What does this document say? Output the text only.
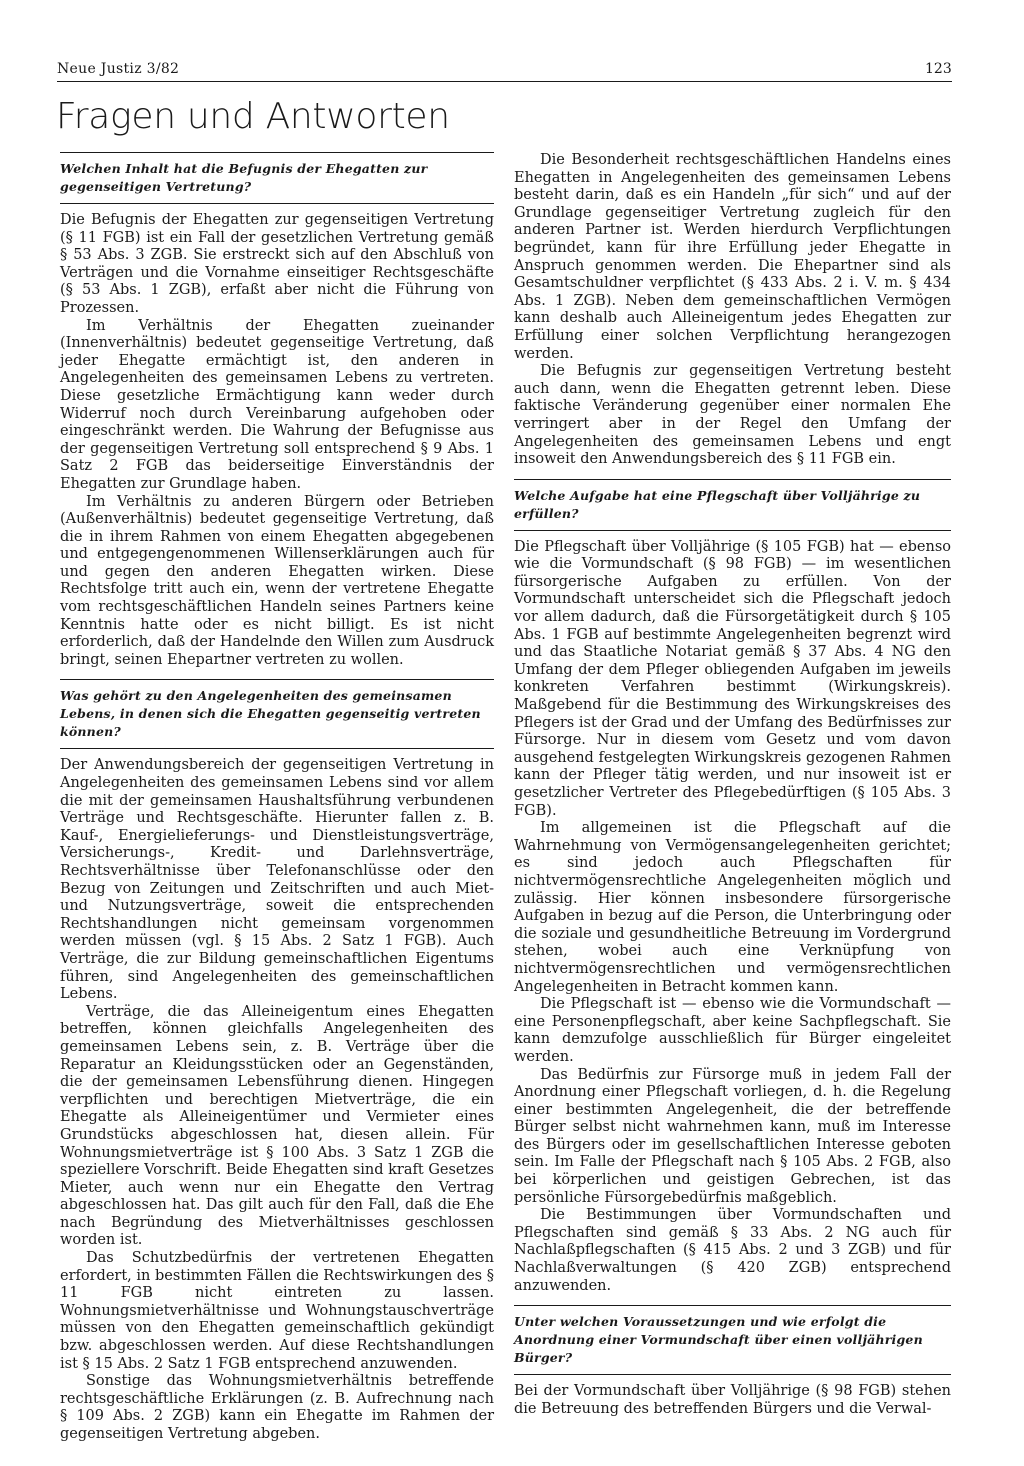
Neue Justiz 3/82	123
Fragen und Antworten

Welchen Inhalt hat die Befugnis der Ehegatten zur gegenseitigen Vertretung?

Die Befugnis der Ehegatten zur gegenseitigen Vertretung (§ 11 FGB) ist ein Fall der gesetzlichen Vertretung gemäß § 53 Abs. 3 ZGB. Sie erstreckt sich auf den Abschluß von Verträgen und die Vornahme einseitiger Rechtsgeschäfte (§ 53 Abs. 1 ZGB), erfaßt aber nicht die Führung von Prozessen.

Im Verhältnis der Ehegatten zueinander (Innenverhältnis) bedeutet gegenseitige Vertretung, daß jeder Ehegatte ermächtigt ist, den anderen in Angelegenheiten des gemeinsamen Lebens zu vertreten. Diese gesetzliche Ermächtigung kann weder durch Widerruf noch durch Vereinbarung aufgehoben oder eingeschränkt werden. Die Wahrung der Befugnisse aus der gegenseitigen Vertretung soll entsprechend § 9 Abs. 1 Satz 2 FGB das beiderseitige Einverständnis der Ehegatten zur Grundlage haben.

Im Verhältnis zu anderen Bürgern oder Betrieben (Außenverhältnis) bedeutet gegenseitige Vertretung, daß die in ihrem Rahmen von einem Ehegatten abgegebenen und entgegengenommenen Willenserklärungen auch für und gegen den anderen Ehegatten wirken. Diese Rechtsfolge tritt auch ein, wenn der vertretene Ehegatte vom rechtsgeschäftlichen Handeln seines Partners keine Kenntnis hatte oder es nicht billigt. Es ist nicht erforderlich, daß der Handelnde den Willen zum Ausdruck bringt, seinen Ehepartner vertreten zu wollen.

Was gehört zu den Angelegenheiten des gemeinsamen Lebens, in denen sich die Ehegatten gegenseitig vertreten können?

Der Anwendungsbereich der gegenseitigen Vertretung in Angelegenheiten des gemeinsamen Lebens sind vor allem die mit der gemeinsamen Haushaltsführung verbundenen Verträge und Rechtsgeschäfte. Hierunter fallen z. B. Kauf-, Energielieferungs- und Dienstleistungsverträge, Versicherungs-, Kredit- und Darlehnsverträge, Rechtsverhältnisse über Telefonanschlüsse oder den Bezug von Zeitungen und Zeitschriften und auch Miet- und Nutzungsverträge, soweit die entsprechenden Rechtshandlungen nicht gemeinsam vorgenommen werden müssen (vgl. § 15 Abs. 2 Satz 1 FGB). Auch Verträge, die zur Bildung gemeinschaftlichen Eigentums führen, sind Angelegenheiten des gemeinschaftlichen Lebens.

Verträge, die das Alleineigentum eines Ehegatten betreffen, können gleichfalls Angelegenheiten des gemeinsamen Lebens sein, z. B. Verträge über die Reparatur an Kleidungsstücken oder an Gegenständen, die der gemeinsamen Lebensführung dienen. Hingegen verpflichten und berechtigen Mietverträge, die ein Ehegatte als Alleineigentümer und Vermieter eines Grundstücks abgeschlossen hat, diesen allein. Für Wohnungsmietverträge ist § 100 Abs. 3 Satz 1 ZGB die speziellere Vorschrift. Beide Ehegatten sind kraft Gesetzes Mieter, auch wenn nur ein Ehegatte den Vertrag abgeschlossen hat. Das gilt auch für den Fall, daß die Ehe nach Begründung des Mietverhältnisses geschlossen worden ist.

Das Schutzbedürfnis der vertretenen Ehegatten erfordert, in bestimmten Fällen die Rechtswirkungen des § 11 FGB nicht eintreten zu lassen. Wohnungsmietverhältnisse und Wohnungstauschverträge müssen von den Ehegatten gemeinschaftlich gekündigt bzw. abgeschlossen werden. Auf diese Rechtshandlungen ist § 15 Abs. 2 Satz 1 FGB entsprechend anzuwenden.

Sonstige das Wohnungsmietverhältnis betreffende rechtsgeschäftliche Erklärungen (z. B. Aufrechnung nach § 109 Abs. 2 ZGB) kann ein Ehegatte im Rahmen der gegenseitigen Vertretung abgeben.

Die Besonderheit rechtsgeschäftlichen Handelns eines Ehegatten in Angelegenheiten des gemeinsamen Lebens besteht darin, daß es ein Handeln „für sich“ und auf der Grundlage gegenseitiger Vertretung zugleich für den anderen Partner ist. Werden hierdurch Verpflichtungen begründet, kann für ihre Erfüllung jeder Ehegatte in Anspruch genommen werden. Die Ehepartner sind als Gesamtschuldner verpflichtet (§ 433 Abs. 2 i. V. m. § 434 Abs. 1 ZGB). Neben dem gemeinschaftlichen Vermögen kann deshalb auch Alleineigentum jedes Ehegatten zur Erfüllung einer solchen Verpflichtung herangezogen werden.

Die Befugnis zur gegenseitigen Vertretung besteht auch dann, wenn die Ehegatten getrennt leben. Diese faktische Veränderung gegenüber einer normalen Ehe verringert aber in der Regel den Umfang der Angelegenheiten des gemeinsamen Lebens und engt insoweit den Anwendungsbereich des § 11 FGB ein.

Welche Aufgabe hat eine Pflegschaft über Volljährige zu erfüllen?

Die Pflegschaft über Volljährige (§ 105 FGB) hat — ebenso wie die Vormundschaft (§ 98 FGB) — im wesentlichen fürsorgerische Aufgaben zu erfüllen. Von der Vormundschaft unterscheidet sich die Pflegschaft jedoch vor allem dadurch, daß die Fürsorgetätigkeit durch § 105 Abs. 1 FGB auf bestimmte Angelegenheiten begrenzt wird und das Staatliche Notariat gemäß § 37 Abs. 4 NG den Umfang der dem Pfleger obliegenden Aufgaben im jeweils konkreten Verfahren bestimmt (Wirkungskreis). Maßgebend für die Bestimmung des Wirkungskreises des Pflegers ist der Grad und der Umfang des Bedürfnisses zur Fürsorge. Nur in diesem vom Gesetz und vom davon ausgehend festgelegten Wirkungskreis gezogenen Rahmen kann der Pfleger tätig werden, und nur insoweit ist er gesetzlicher Vertreter des Pflegebedürftigen (§ 105 Abs. 3 FGB).

Im allgemeinen ist die Pflegschaft auf die Wahrnehmung von Vermögensangelegenheiten gerichtet; es sind jedoch auch Pflegschaften für nichtvermögensrechtliche Angelegenheiten möglich und zulässig. Hier können insbesondere fürsorgerische Aufgaben in bezug auf die Person, die Unterbringung oder die soziale und gesundheitliche Betreuung im Vordergrund stehen, wobei auch eine Verknüpfung von nichtvermögensrechtlichen und vermögensrechtlichen Angelegenheiten in Betracht kommen kann.

Die Pflegschaft ist — ebenso wie die Vormundschaft — eine Personenpflegschaft, aber keine Sachpflegschaft. Sie kann demzufolge ausschließlich für Bürger eingeleitet werden.

Das Bedürfnis zur Fürsorge muß in jedem Fall der Anordnung einer Pflegschaft vorliegen, d. h. die Regelung einer bestimmten Angelegenheit, die der betreffende Bürger selbst nicht wahrnehmen kann, muß im Interesse des Bürgers oder im gesellschaftlichen Interesse geboten sein. Im Falle der Pflegschaft nach § 105 Abs. 2 FGB, also bei körperlichen und geistigen Gebrechen, ist das persönliche Fürsorgebedürfnis maßgeblich.

Die Bestimmungen über Vormundschaften und Pflegschaften sind gemäß § 33 Abs. 2 NG auch für Nachlaßpflegschaften (§ 415 Abs. 2 und 3 ZGB) und für Nachlaßverwaltungen (§ 420 ZGB) entsprechend anzuwenden.

Unter welchen Voraussetzungen und wie erfolgt die Anordnung einer Vormundschaft über einen volljährigen Bürger?

Bei der Vormundschaft über Volljährige (§ 98 FGB) stehen die Betreuung des betreffenden Bürgers und die Verwal-
